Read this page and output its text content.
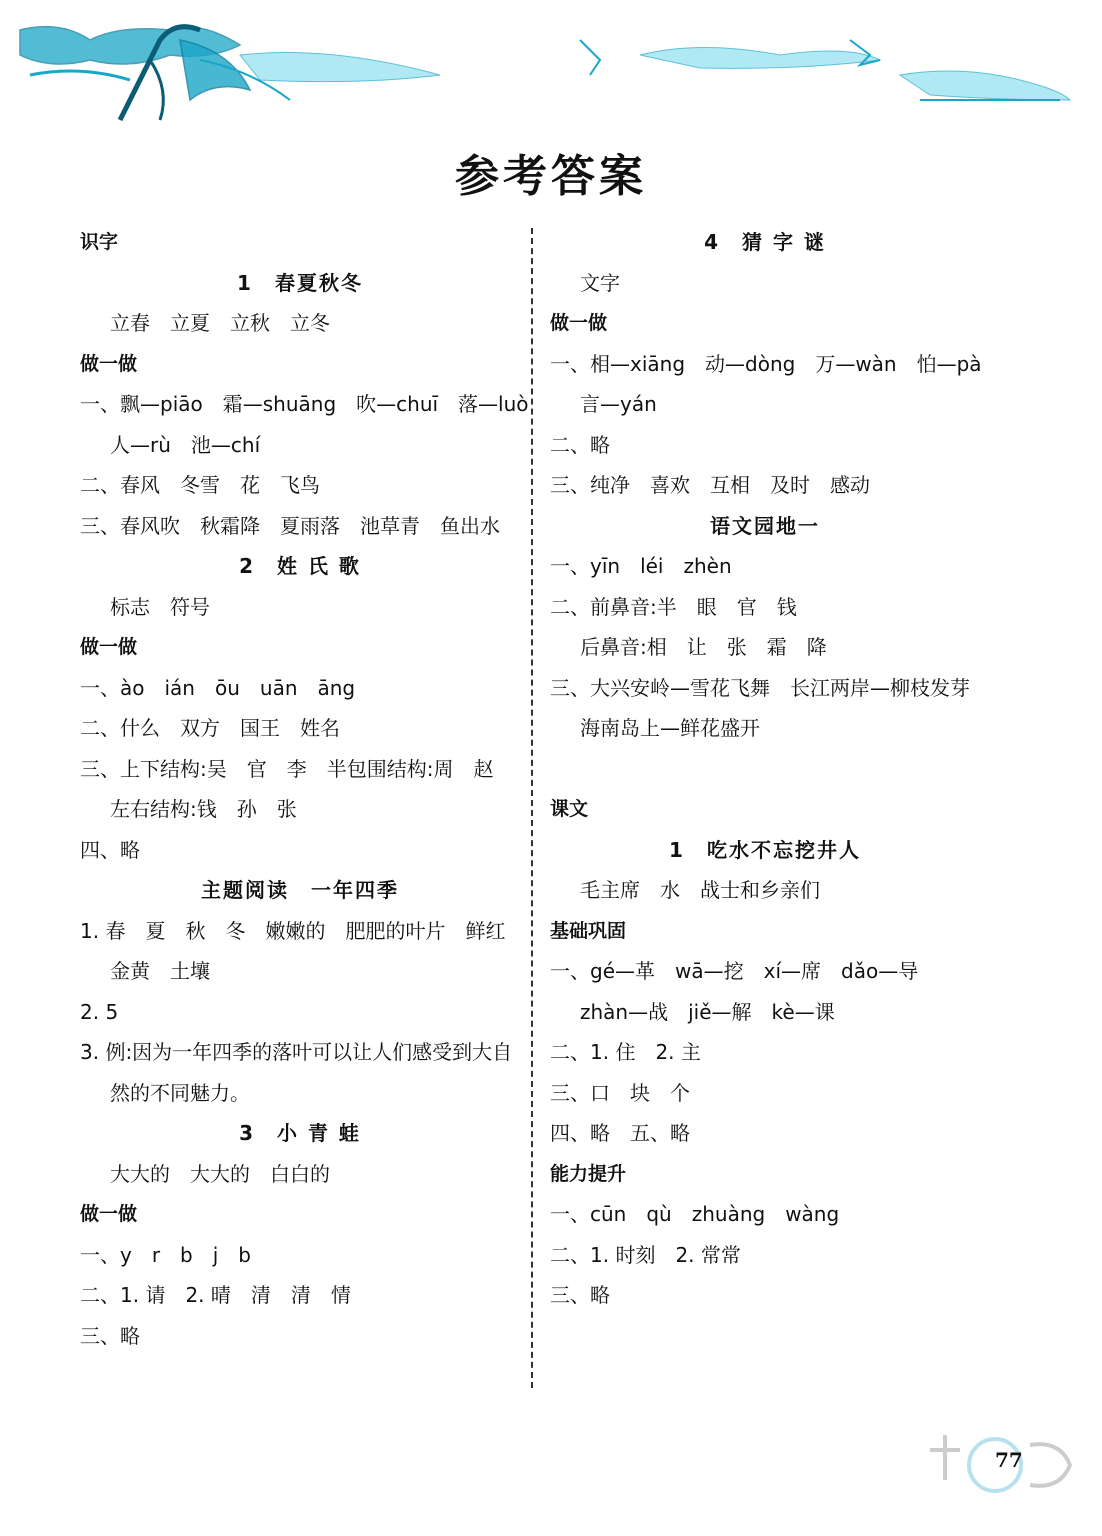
参考答案
识字
1　春夏秋冬
立春　立夏　立秋　立冬
做一做
一、飘—piāo　霜—shuāng　吹—chuī　落—luò
人—rù　池—chí
二、春风　冬雪　花　飞鸟
三、春风吹　秋霜降　夏雨落　池草青　鱼出水
2　姓 氏 歌
标志　符号
做一做
一、ào　ián　ōu　uān　āng
二、什么　双方　国王　姓名
三、上下结构:吴　官　李　半包围结构:周　赵
左右结构:钱　孙　张
四、略
主题阅读　一年四季
1. 春　夏　秋　冬　嫩嫩的　肥肥的叶片　鲜红
金黄　土壤
2. 5
3. 例:因为一年四季的落叶可以让人们感受到大自
然的不同魅力。
3　小 青 蛙
大大的　大大的　白白的
做一做
一、y　r　b　j　b
二、1. 请　2. 晴　清　清　情
三、略
4　猜 字 谜
文字
做一做
一、相—xiāng　动—dòng　万—wàn　怕—pà
言—yán
二、略
三、纯净　喜欢　互相　及时　感动
语文园地一
一、yīn　léi　zhèn
二、前鼻音:半　眼　官　钱
后鼻音:相　让　张　霜　降
三、大兴安岭—雪花飞舞　长江两岸—柳枝发芽
海南岛上—鲜花盛开
课文
1　吃水不忘挖井人
毛主席　水　战士和乡亲们
基础巩固
一、gé—革　wā—挖　xí—席　dǎo—导
zhàn—战　jiě—解　kè—课
二、1. 住　2. 主
三、口　块　个
四、略　五、略
能力提升
一、cūn　qù　zhuàng　wàng
二、1. 时刻　2. 常常
三、略
77
